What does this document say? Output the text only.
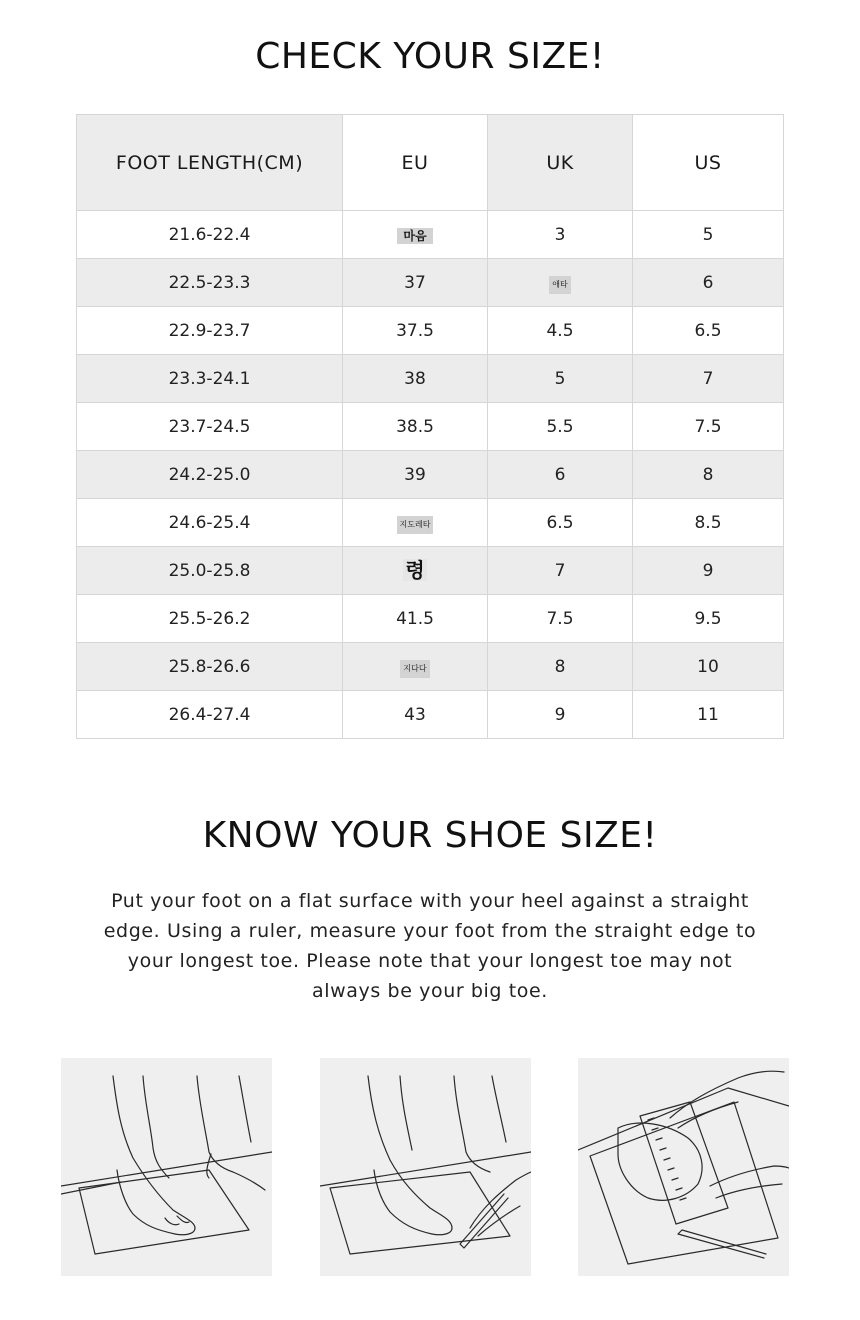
CHECK YOUR SIZE!
FOOT LENGTH(CM)	EU	UK	US
21.6-22.4	마음	3	5
22.5-23.3	37	애타	6
22.9-23.7	37.5	4.5	6.5
23.3-24.1	38	5	7
23.7-24.5	38.5	5.5	7.5
24.2-25.0	39	6	8
24.6-25.4	지도레타	6.5	8.5
25.0-25.8	령	7	9
25.5-26.2	41.5	7.5	9.5
25.8-26.6	지다다	8	10
26.4-27.4	43	9	11
KNOW YOUR SHOE SIZE!

Put your foot on a flat surface with your heel against a straight
edge. Using a ruler, measure your foot from the straight edge to
your longest toe. Please note that your longest toe may not
always be your big toe.
